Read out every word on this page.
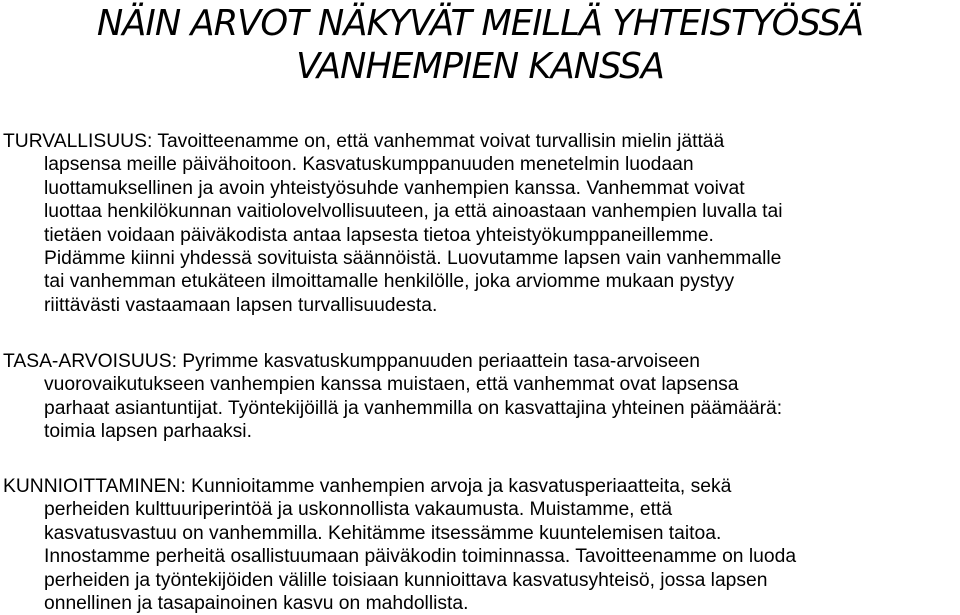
NÄIN ARVOT NÄKYVÄT MEILLÄ YHTEISTYÖSSÄ
VANHEMPIEN KANSSA
TURVALLISUUS: Tavoitteenamme on, että vanhemmat voivat turvallisin mielin jättää
lapsensa meille päivähoitoon. Kasvatuskumppanuuden menetelmin luodaan
luottamuksellinen ja avoin yhteistyösuhde vanhempien kanssa. Vanhemmat voivat
luottaa henkilökunnan vaitiolovelvollisuuteen, ja että ainoastaan vanhempien luvalla tai
tietäen voidaan päiväkodista antaa lapsesta tietoa yhteistyökumppaneillemme.
Pidämme kiinni yhdessä sovituista säännöistä. Luovutamme lapsen vain vanhemmalle
tai vanhemman etukäteen ilmoittamalle henkilölle, joka arviomme mukaan pystyy
riittävästi vastaamaan lapsen turvallisuudesta.
TASA-ARVOISUUS: Pyrimme kasvatuskumppanuuden periaattein tasa-arvoiseen
vuorovaikutukseen vanhempien kanssa muistaen, että vanhemmat ovat lapsensa
parhaat asiantuntijat. Työntekijöillä ja vanhemmilla on kasvattajina yhteinen päämäärä:
toimia lapsen parhaaksi.
KUNNIOITTAMINEN: Kunnioitamme vanhempien arvoja ja kasvatusperiaatteita, sekä
perheiden kulttuuriperintöä ja uskonnollista vakaumusta. Muistamme, että
kasvatusvastuu on vanhemmilla. Kehitämme itsessämme kuuntelemisen taitoa.
Innostamme perheitä osallistuumaan päiväkodin toiminnassa. Tavoitteenamme on luoda
perheiden ja työntekijöiden välille toisiaan kunnioittava kasvatusyhteisö, jossa lapsen
onnellinen ja tasapainoinen kasvu on mahdollista.
